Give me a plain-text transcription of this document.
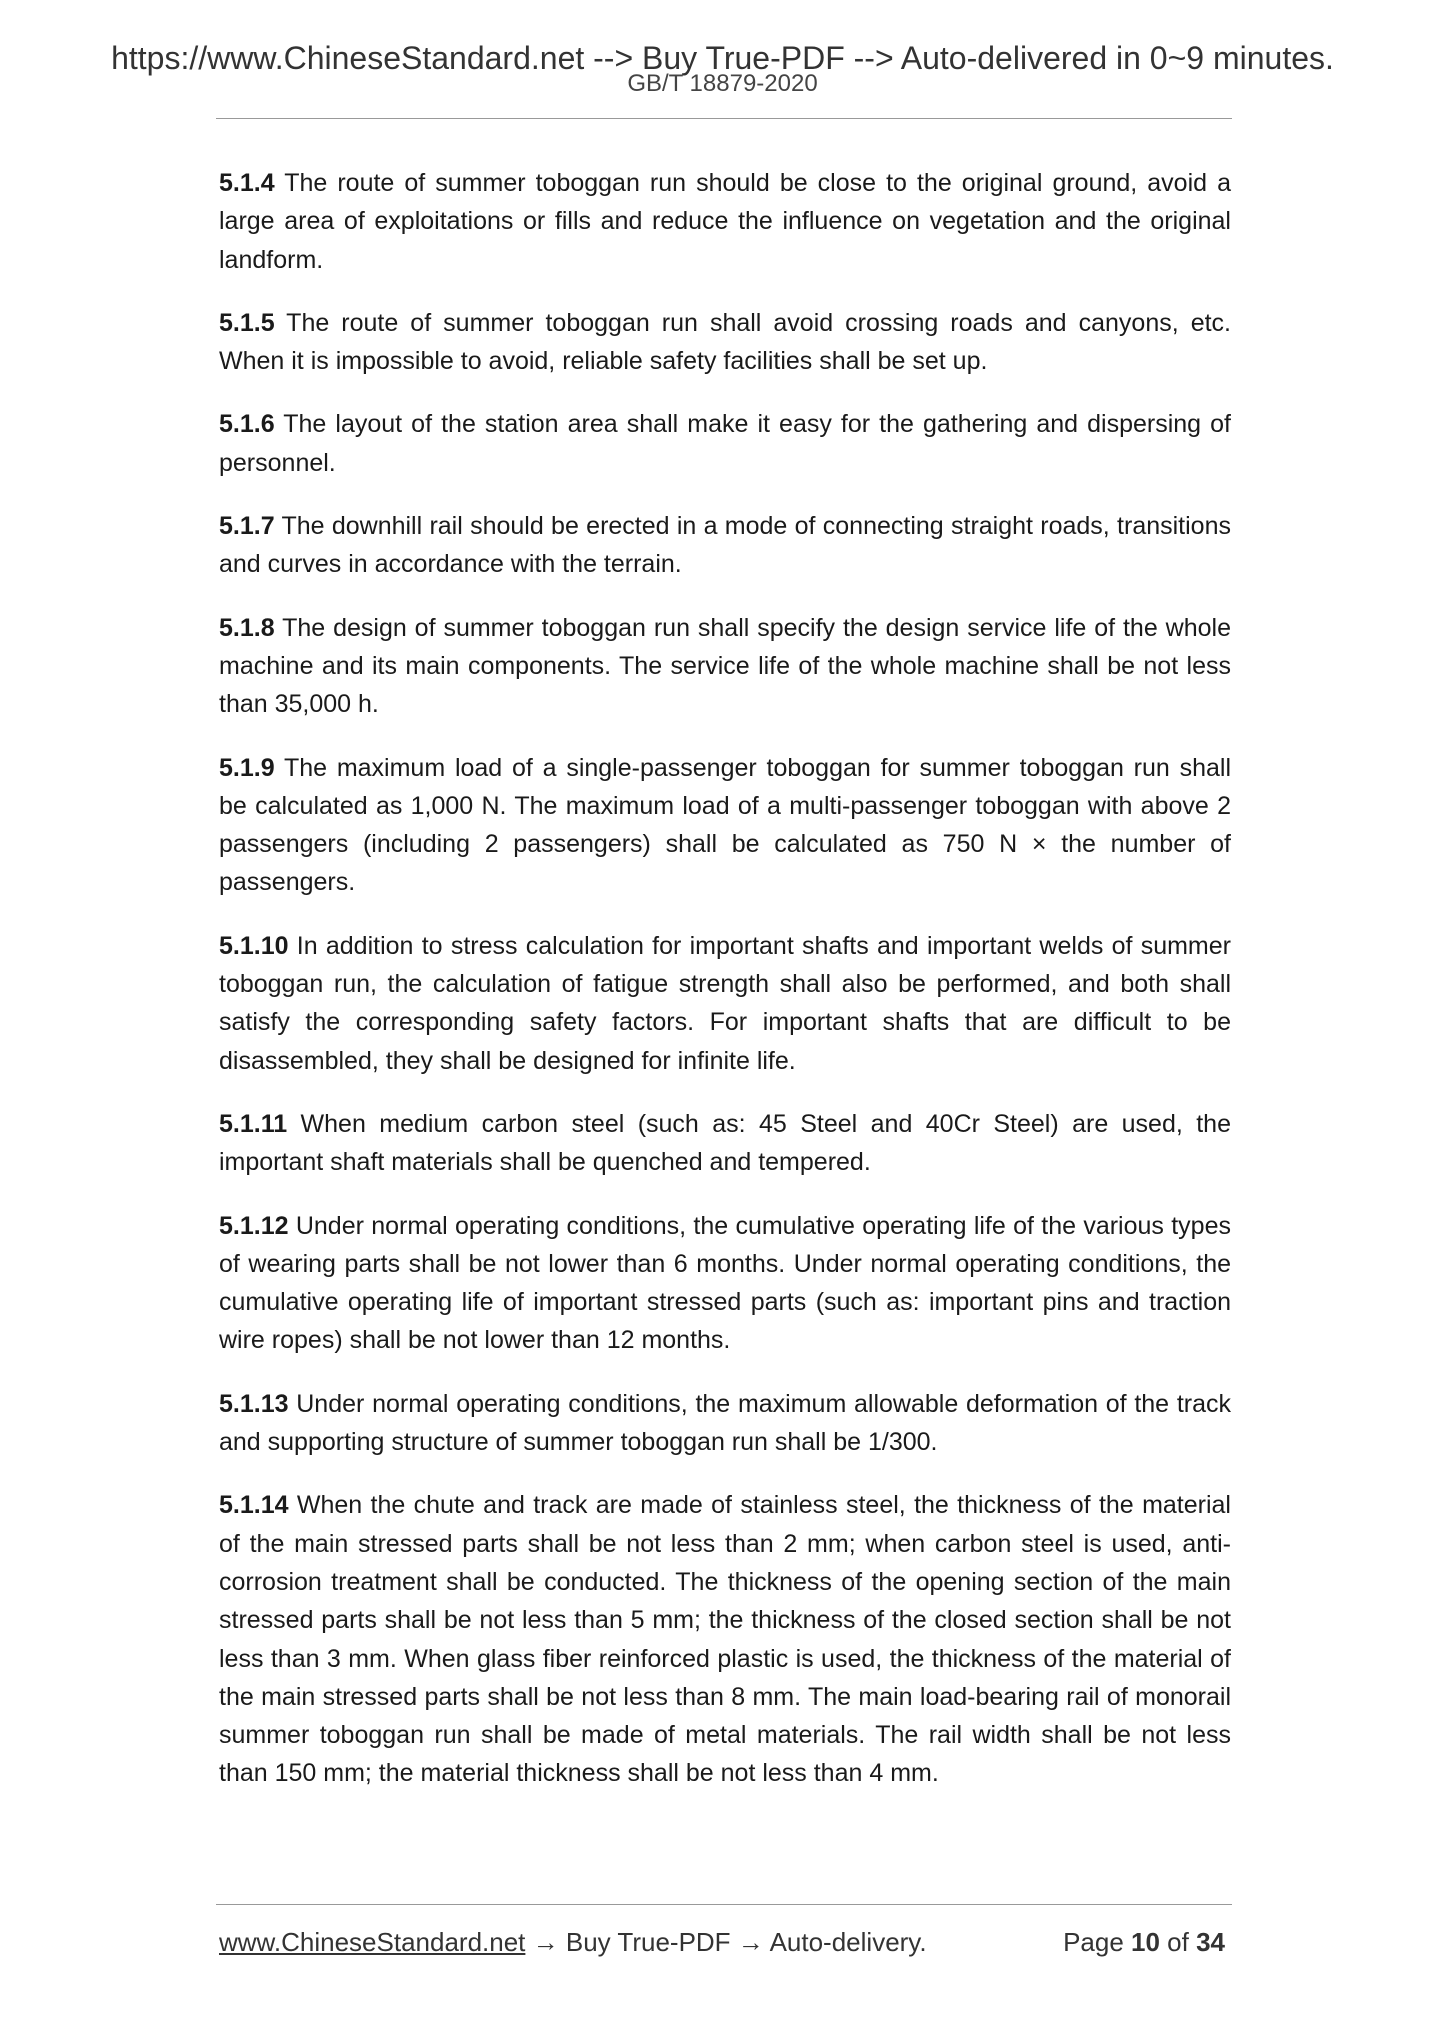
https://www.ChineseStandard.net --> Buy True-PDF --> Auto-delivered in 0~9 minutes.
GB/T 18879-2020

5.1.4 The route of summer toboggan run should be close to the original ground, avoid a large area of exploitations or fills and reduce the influence on vegetation and the original landform.

5.1.5 The route of summer toboggan run shall avoid crossing roads and canyons, etc. When it is impossible to avoid, reliable safety facilities shall be set up.

5.1.6 The layout of the station area shall make it easy for the gathering and dispersing of personnel.

5.1.7 The downhill rail should be erected in a mode of connecting straight roads, transitions and curves in accordance with the terrain.

5.1.8 The design of summer toboggan run shall specify the design service life of the whole machine and its main components. The service life of the whole machine shall be not less than 35,000 h.

5.1.9 The maximum load of a single-passenger toboggan for summer toboggan run shall be calculated as 1,000 N. The maximum load of a multi-passenger toboggan with above 2 passengers (including 2 passengers) shall be calculated as 750 N × the number of passengers.

5.1.10 In addition to stress calculation for important shafts and important welds of summer toboggan run, the calculation of fatigue strength shall also be performed, and both shall satisfy the corresponding safety factors. For important shafts that are difficult to be disassembled, they shall be designed for infinite life.

5.1.11 When medium carbon steel (such as: 45 Steel and 40Cr Steel) are used, the important shaft materials shall be quenched and tempered.

5.1.12 Under normal operating conditions, the cumulative operating life of the various types of wearing parts shall be not lower than 6 months. Under normal operating conditions, the cumulative operating life of important stressed parts (such as: important pins and traction wire ropes) shall be not lower than 12 months.

5.1.13 Under normal operating conditions, the maximum allowable deformation of the track and supporting structure of summer toboggan run shall be 1/300.

5.1.14 When the chute and track are made of stainless steel, the thickness of the material of the main stressed parts shall be not less than 2 mm; when carbon steel is used, anti-corrosion treatment shall be conducted. The thickness of the opening section of the main stressed parts shall be not less than 5 mm; the thickness of the closed section shall be not less than 3 mm. When glass fiber reinforced plastic is used, the thickness of the material of the main stressed parts shall be not less than 8 mm. The main load-bearing rail of monorail summer toboggan run shall be made of metal materials. The rail width shall be not less than 150 mm; the material thickness shall be not less than 4 mm.

www.ChineseStandard.net → Buy True-PDF → Auto-delivery.	Page 10 of 34
